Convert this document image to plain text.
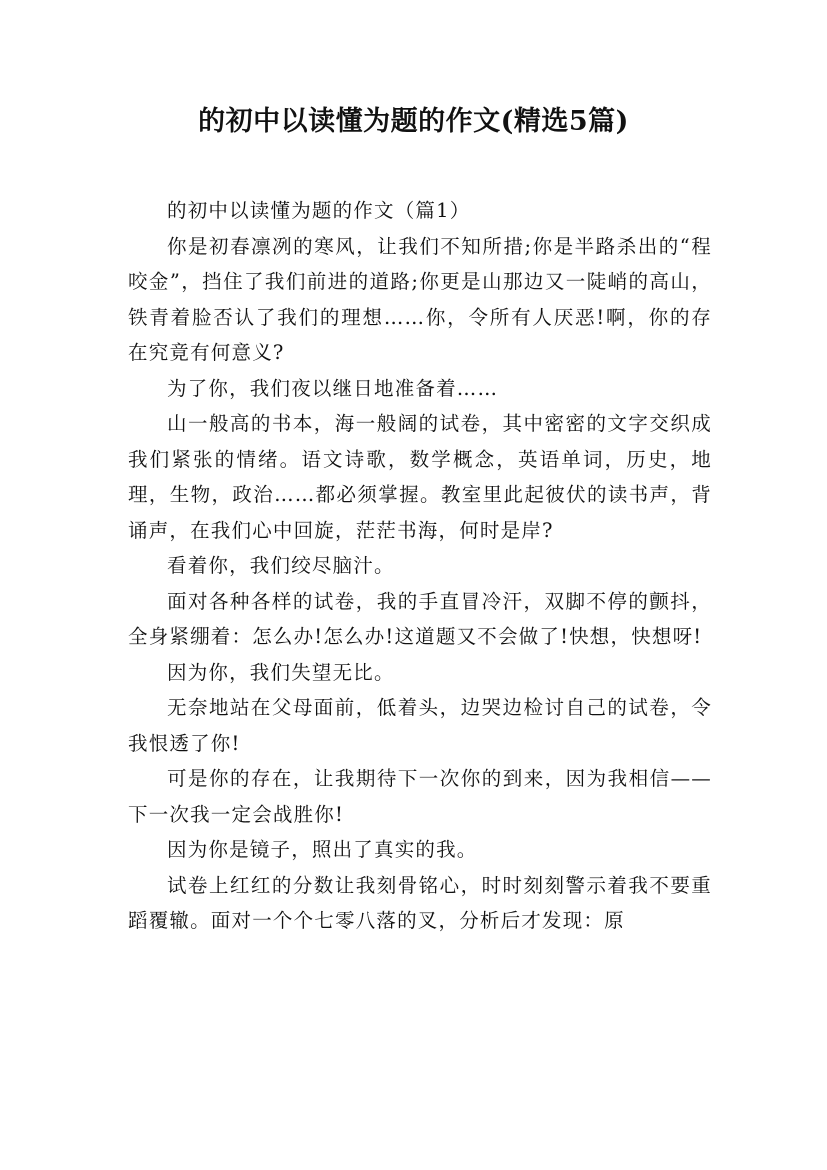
的初中以读懂为题的作文(精选5篇)

的初中以读懂为题的作文（篇1）

你是初春凛冽的寒风，让我们不知所措;你是半路杀出的“程咬金”，挡住了我们前进的道路;你更是山那边又一陡峭的高山，铁青着脸否认了我们的理想……你，令所有人厌恶!啊，你的存在究竟有何意义?

为了你，我们夜以继日地准备着……

山一般高的书本，海一般阔的试卷，其中密密的文字交织成我们紧张的情绪。语文诗歌，数学概念，英语单词，历史，地理，生物，政治……都必须掌握。教室里此起彼伏的读书声，背诵声，在我们心中回旋，茫茫书海，何时是岸?

看着你，我们绞尽脑汁。

面对各种各样的试卷，我的手直冒冷汗，双脚不停的颤抖，全身紧绷着：怎么办!怎么办!这道题又不会做了!快想，快想呀!

因为你，我们失望无比。

无奈地站在父母面前，低着头，边哭边检讨自己的试卷，令我恨透了你!

可是你的存在，让我期待下一次你的到来，因为我相信——下一次我一定会战胜你!

因为你是镜子，照出了真实的我。

试卷上红红的分数让我刻骨铭心，时时刻刻警示着我不要重蹈覆辙。面对一个个七零八落的叉，分析后才发现：原
